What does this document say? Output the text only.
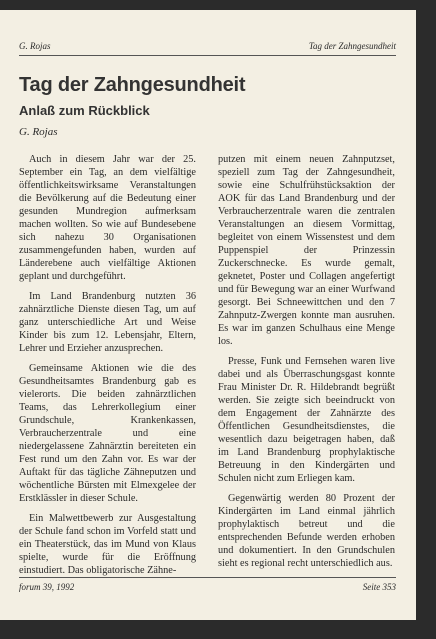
G. Rojas	Tag der Zahngesundheit
Tag der Zahngesundheit
Anlaß zum Rückblick
G. Rojas

Auch in diesem Jahr war der 25. September ein Tag, an dem vielfältige öffentlichkeitswirksame Veranstaltungen die Bevölkerung auf die Bedeutung einer gesunden Mundregion aufmerksam machen wollten. So wie auf Bundesebene sich nahezu 30 Organisationen zusammengefunden haben, wurden auf Länderebene auch vielfältige Aktionen geplant und durchgeführt.

Im Land Brandenburg nutzten 36 zahnärztliche Dienste diesen Tag, um auf ganz unterschiedliche Art und Weise Kinder bis zum 12. Lebensjahr, Eltern, Lehrer und Erzieher anzusprechen.

Gemeinsame Aktionen wie die des Gesundheitsamtes Brandenburg gab es vielerorts. Die beiden zahnärztlichen Teams, das Lehrerkollegium einer Grundschule, Krankenkassen, Verbraucherzentrale und eine niedergelassene Zahnärztin bereiteten ein Fest rund um den Zahn vor. Es war der Auftakt für das tägliche Zähneputzen und wöchentliche Bürsten mit Elmexgelee der Erstklässler in dieser Schule.

Ein Malwettbewerb zur Ausgestaltung der Schule fand schon im Vorfeld statt und ein Theaterstück, das im Mund von Klaus spielte, wurde für die Eröffnung einstudiert. Das obligatorische Zähne-

putzen mit einem neuen Zahnputzset, speziell zum Tag der Zahngesundheit, sowie eine Schulfrühstücksaktion der AOK für das Land Brandenburg und der Verbraucherzentrale waren die zentralen Veranstaltungen an diesem Vormittag, begleitet von einem Wissenstest und dem Puppenspiel der Prinzessin Zuckerschnecke. Es wurde gemalt, geknetet, Poster und Collagen angefertigt und für Bewegung war an einer Wurfwand gesorgt. Bei Schneewittchen und den 7 Zahnputz-Zwergen konnte man ausruhen. Es war im ganzen Schulhaus eine Menge los.

Presse, Funk und Fernsehen waren live dabei und als Überraschungsgast konnte Frau Minister Dr. R. Hildebrandt begrüßt werden. Sie zeigte sich beeindruckt von dem Engagement der Zahnärzte des Öffentlichen Gesundheitsdienstes, die wesentlich dazu beigetragen haben, daß im Land Brandenburg prophylaktische Betreuung in den Kindergärten und Schulen nicht zum Erliegen kam.

Gegenwärtig werden 80 Prozent der Kindergärten im Land einmal jährlich prophylaktisch betreut und die entsprechenden Befunde werden erhoben und dokumentiert. In den Grundschulen sieht es regional recht unterschiedlich aus.

forum 39, 1992	Seite 353
